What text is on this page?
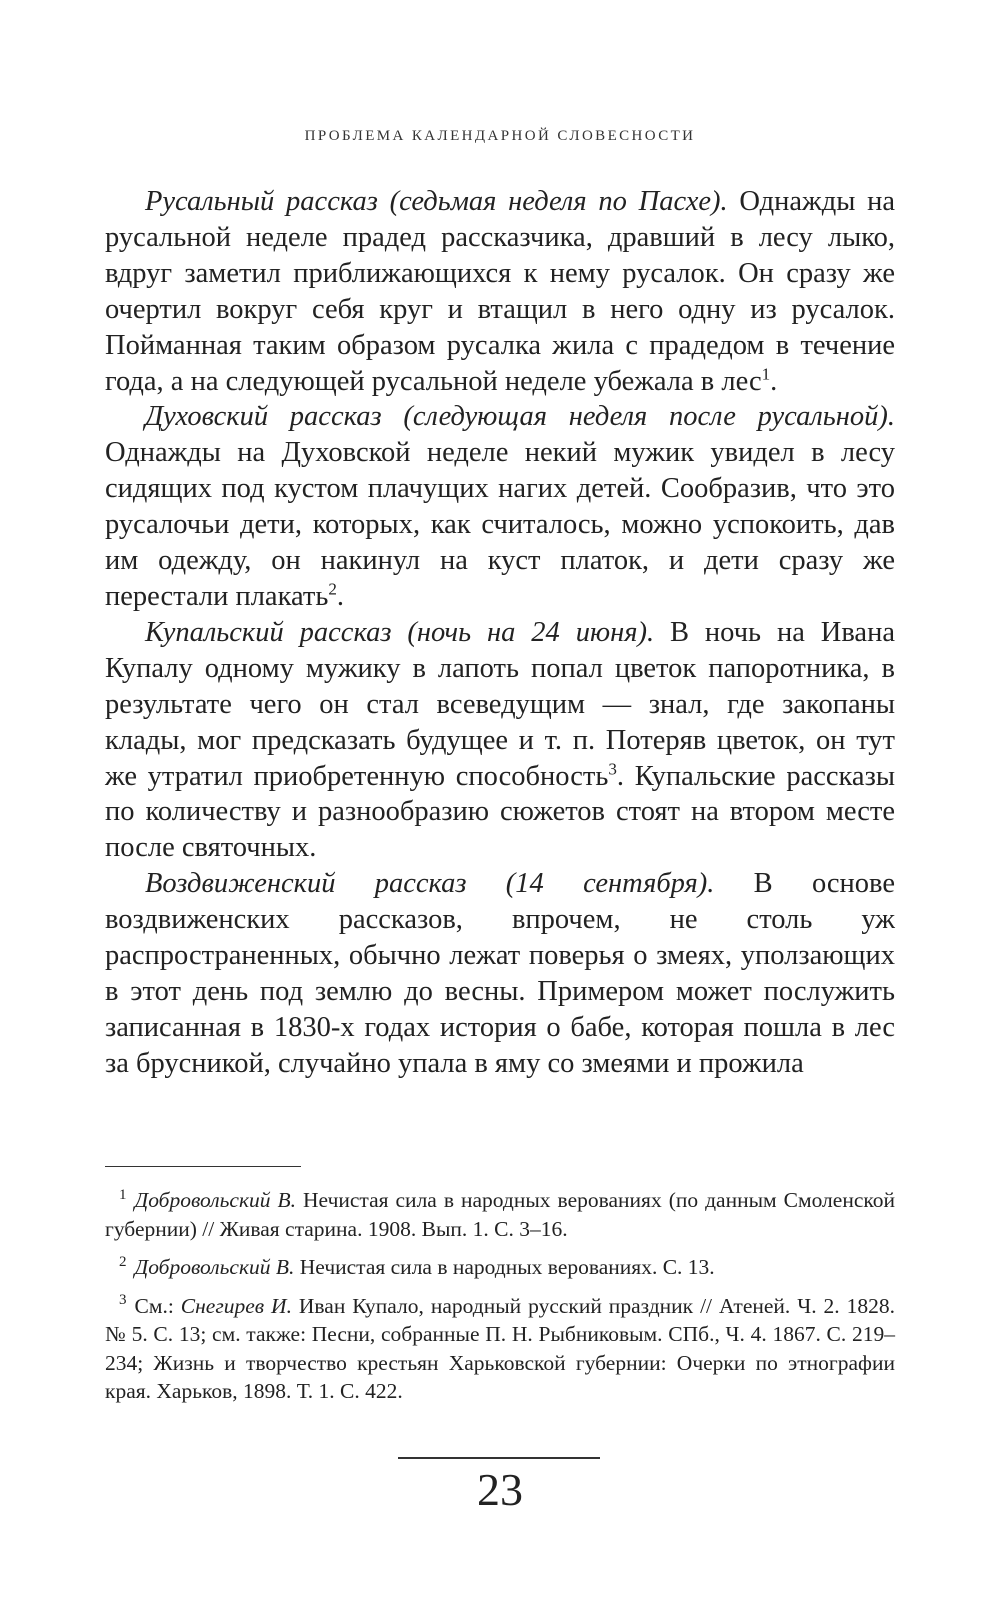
ПРОБЛЕМА КАЛЕНДАРНОЙ СЛОВЕСНОСТИ

Русальный рассказ (седьмая неделя по Пасхе). Однажды на русальной неделе прадед рассказчика, дравший в лесу лыко, вдруг заметил приближающихся к нему русалок. Он сразу же очертил вокруг себя круг и втащил в него одну из русалок. Пойманная таким образом русалка жила с прадедом в течение года, а на следующей русальной неделе убежала в лес$^1$.

Духовский рассказ (следующая неделя после русальной). Однажды на Духовской неделе некий мужик увидел в лесу сидящих под кустом плачущих нагих детей. Сообразив, что это русалочьи дети, которых, как считалось, можно успокоить, дав им одежду, он накинул на куст платок, и дети сразу же перестали плакать$^2$.

Купальский рассказ (ночь на 24 июня). В ночь на Ивана Купалу одному мужику в лапоть попал цветок папоротника, в результате чего он стал всеведущим — знал, где закопаны клады, мог предсказать будущее и т. п. Потеряв цветок, он тут же утратил приобретенную способность$^3$. Купальские рассказы по количеству и разнообразию сюжетов стоят на втором месте после святочных.

Воздвиженский рассказ (14 сентября). В основе воздвиженских рассказов, впрочем, не столь уж распространенных, обычно лежат поверья о змеях, уползающих в этот день под землю до весны. Примером может послужить записанная в 1830-х годах история о бабе, которая пошла в лес за брусникой, случайно упала в яму со змеями и прожила

$^1$ Добровольский В. Нечистая сила в народных верованиях (по данным Смоленской губернии) // Живая старина. 1908. Вып. 1. С. 3–16.

$^2$ Добровольский В. Нечистая сила в народных верованиях. С. 13.

$^3$ См.: Снегирев И. Иван Купало, народный русский праздник // Атеней. Ч. 2. 1828. № 5. С. 13; см. также: Песни, собранные П. Н. Рыбниковым. СПб., Ч. 4. 1867. С. 219–234; Жизнь и творчество крестьян Харьковской губернии: Очерки по этнографии края. Харьков, 1898. Т. 1. С. 422.

23
